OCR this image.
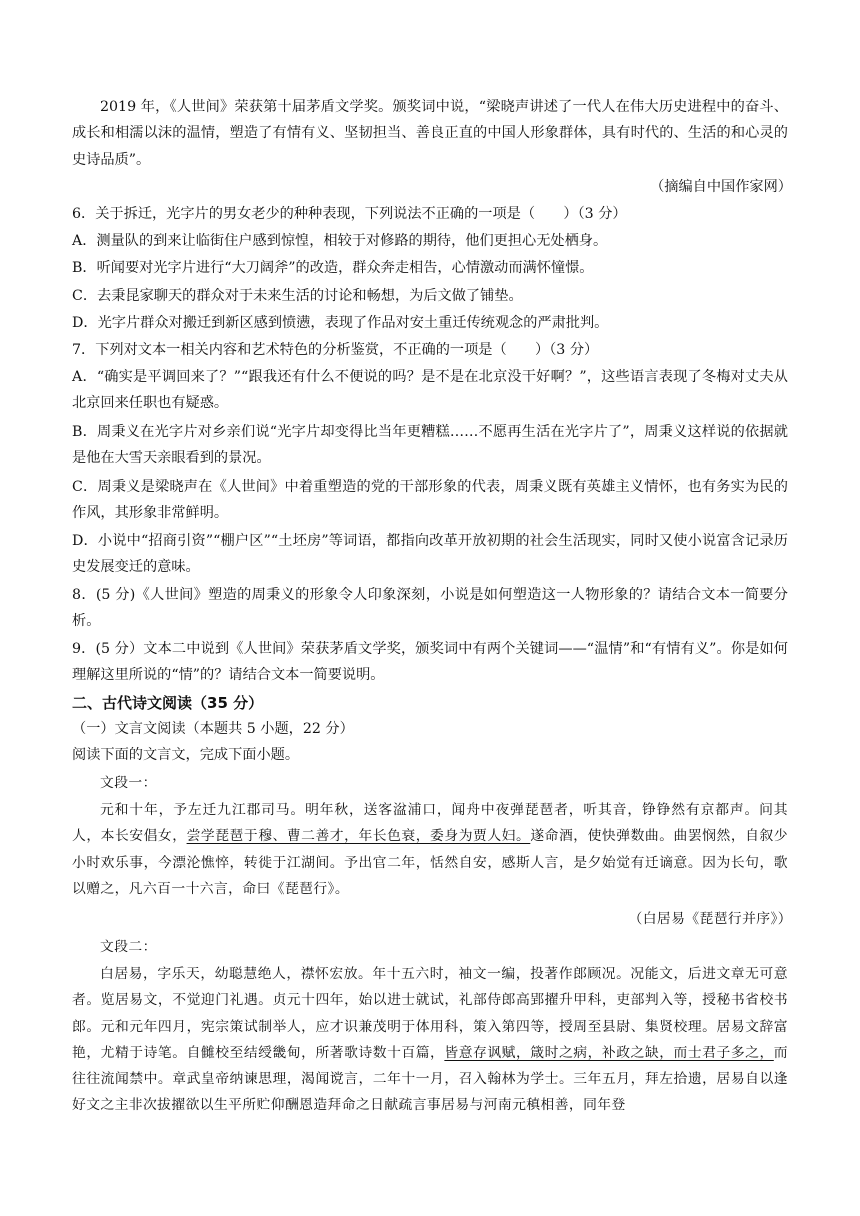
2019 年，《人世间》荣获第十届茅盾文学奖。颁奖词中说，“梁晓声讲述了一代人在伟大历史进程中的奋斗、成长和相濡以沫的温情，塑造了有情有义、坚韧担当、善良正直的中国人形象群体，具有时代的、生活的和心灵的史诗品质”。

（摘编自中国作家网）

6．关于拆迁，光字片的男女老少的种种表现，下列说法不正确的一项是（　　）（3 分）

A．测量队的到来让临街住户感到惊惶，相较于对修路的期待，他们更担心无处栖身。

B．听闻要对光字片进行“大刀阔斧”的改造，群众奔走相告，心情激动而满怀憧憬。

C．去秉昆家聊天的群众对于未来生活的讨论和畅想，为后文做了铺垫。

D．光字片群众对搬迁到新区感到愤懑，表现了作品对安土重迁传统观念的严肃批判。

7．下列对文本一相关内容和艺术特色的分析鉴赏，不正确的一项是（　　）（3 分）

A．“确实是平调回来了？”“跟我还有什么不便说的吗？是不是在北京没干好啊？”，这些语言表现了冬梅对丈夫从北京回来任职也有疑惑。

B．周秉义在光字片对乡亲们说“光字片却变得比当年更糟糕……不愿再生活在光字片了”，周秉义这样说的依据就是他在大雪天亲眼看到的景况。

C．周秉义是梁晓声在《人世间》中着重塑造的党的干部形象的代表，周秉义既有英雄主义情怀，也有务实为民的作风，其形象非常鲜明。

D．小说中“招商引资”“棚户区”“土坯房”等词语，都指向改革开放初期的社会生活现实，同时又使小说富含记录历史发展变迁的意味。

8．(5 分)《人世间》塑造的周秉义的形象令人印象深刻，小说是如何塑造这一人物形象的？请结合文本一简要分析。

9．(5 分）文本二中说到《人世间》荣获茅盾文学奖，颁奖词中有两个关键词——“温情”和“有情有义”。你是如何理解这里所说的“情”的？请结合文本一简要说明。

二、古代诗文阅读（35 分）

（一）文言文阅读（本题共 5 小题，22 分）

阅读下面的文言文，完成下面小题。

文段一：

元和十年，予左迁九江郡司马。明年秋，送客湓浦口，闻舟中夜弹琵琶者，听其音，铮铮然有京都声。问其人，本长安倡女，尝学琵琶于穆、曹二善才，年长色衰，委身为贾人妇。遂命酒，使快弹数曲。曲罢悯然，自叙少小时欢乐事，今漂沦憔悴，转徙于江湖间。予出官二年，恬然自安，感斯人言，是夕始觉有迁谪意。因为长句，歌以赠之，凡六百一十六言，命曰《琵琶行》。

（白居易《琵琶行并序》）

文段二：

白居易，字乐天，幼聪慧绝人，襟怀宏放。年十五六时，袖文一编，投著作郎顾况。况能文，后进文章无可意者。览居易文，不觉迎门礼遇。贞元十四年，始以进士就试，礼部侍郎高郢擢升甲科，吏部判入等，授秘书省校书郎。元和元年四月，宪宗策试制举人，应才识兼茂明于体用科，策入第四等，授周至县尉、集贤校理。居易文辞富艳，尤精于诗笔。自雠校至结绶畿甸，所著歌诗数十百篇，皆意存讽赋，箴时之病，补政之缺，而士君子多之，而往往流闻禁中。章武皇帝纳谏思理，渴闻谠言，二年十一月，召入翰林为学士。三年五月，拜左拾遗，居易自以逢好文之主非次拔擢欲以生平所贮仰酬恩造拜命之日献疏言事居易与河南元稹相善，同年登
